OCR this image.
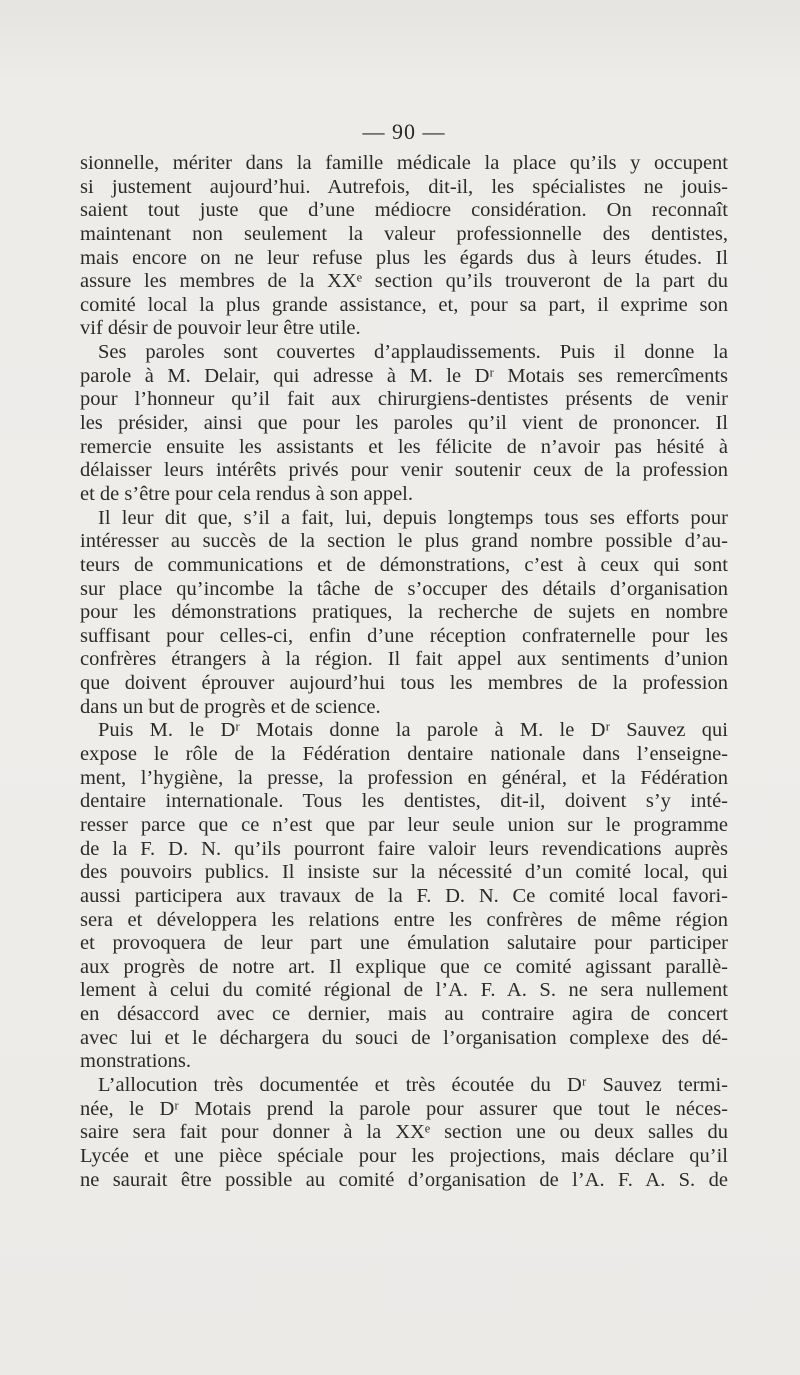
— 90 —
sionnelle, mériter dans la famille médicale la place qu’ils y occupent
si justement aujourd’hui. Autrefois, dit-il, les spécialistes ne jouis-
saient tout juste que d’une médiocre considération. On reconnaît
maintenant non seulement la valeur professionnelle des dentistes,
mais encore on ne leur refuse plus les égards dus à leurs études. Il
assure les membres de la XXᵉ section qu’ils trouveront de la part du
comité local la plus grande assistance, et, pour sa part, il exprime son
vif désir de pouvoir leur être utile.
Ses paroles sont couvertes d’applaudissements. Puis il donne la
parole à M. Delair, qui adresse à M. le Dʳ Motais ses remercîments
pour l’honneur qu’il fait aux chirurgiens-dentistes présents de venir
les présider, ainsi que pour les paroles qu’il vient de prononcer. Il
remercie ensuite les assistants et les félicite de n’avoir pas hésité à
délaisser leurs intérêts privés pour venir soutenir ceux de la profession
et de s’être pour cela rendus à son appel.
Il leur dit que, s’il a fait, lui, depuis longtemps tous ses efforts pour
intéresser au succès de la section le plus grand nombre possible d’au-
teurs de communications et de démonstrations, c’est à ceux qui sont
sur place qu’incombe la tâche de s’occuper des détails d’organisation
pour les démonstrations pratiques, la recherche de sujets en nombre
suffisant pour celles-ci, enfin d’une réception confraternelle pour les
confrères étrangers à la région. Il fait appel aux sentiments d’union
que doivent éprouver aujourd’hui tous les membres de la profession
dans un but de progrès et de science.
Puis M. le Dʳ Motais donne la parole à M. le Dʳ Sauvez qui
expose le rôle de la Fédération dentaire nationale dans l’enseigne-
ment, l’hygiène, la presse, la profession en général, et la Fédération
dentaire internationale. Tous les dentistes, dit-il, doivent s’y inté-
resser parce que ce n’est que par leur seule union sur le programme
de la F. D. N. qu’ils pourront faire valoir leurs revendications auprès
des pouvoirs publics. Il insiste sur la nécessité d’un comité local, qui
aussi participera aux travaux de la F. D. N. Ce comité local favori-
sera et développera les relations entre les confrères de même région
et provoquera de leur part une émulation salutaire pour participer
aux progrès de notre art. Il explique que ce comité agissant parallè-
lement à celui du comité régional de l’A. F. A. S. ne sera nullement
en désaccord avec ce dernier, mais au contraire agira de concert
avec lui et le déchargera du souci de l’organisation complexe des dé-
monstrations.
L’allocution très documentée et très écoutée du Dʳ Sauvez termi-
née, le Dʳ Motais prend la parole pour assurer que tout le néces-
saire sera fait pour donner à la XXᵉ section une ou deux salles du
Lycée et une pièce spéciale pour les projections, mais déclare qu’il
ne saurait être possible au comité d’organisation de l’A. F. A. S. de
